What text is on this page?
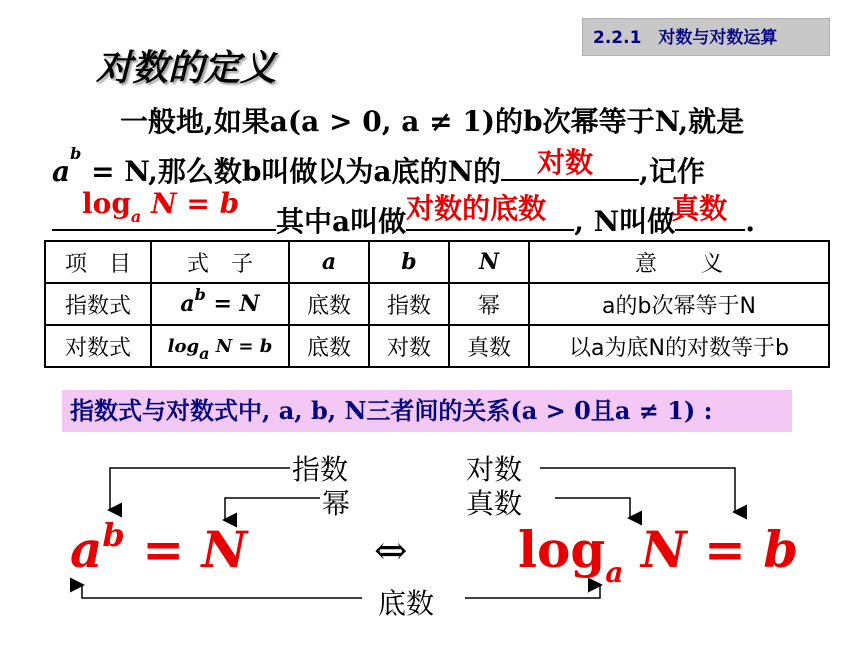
2.2.1　对数与对数运算
对数的定义
一般地,如果a(a > 0, a ≠ 1)的b次幂等于N,就是
$a^b = N$,那么数b叫做以为a底的N的 对数 ,记作
$\log_a N = b$
其中a叫做 对数的底数 , N叫做
真数 .
项　目	式　子	a	b	N	意　　义
指数式	$a^b = N$	底数	指数	幂	a的b次幂等于N
对数式	loga N = b	底数	对数	真数	以a为底N的对数等于b
指数式与对数式中, a, b, N三者间的关系(a > 0且a ≠ 1) :
指数
幂
对数
真数
底数
$a^b = N$	⇔ $\log_a N = b$
